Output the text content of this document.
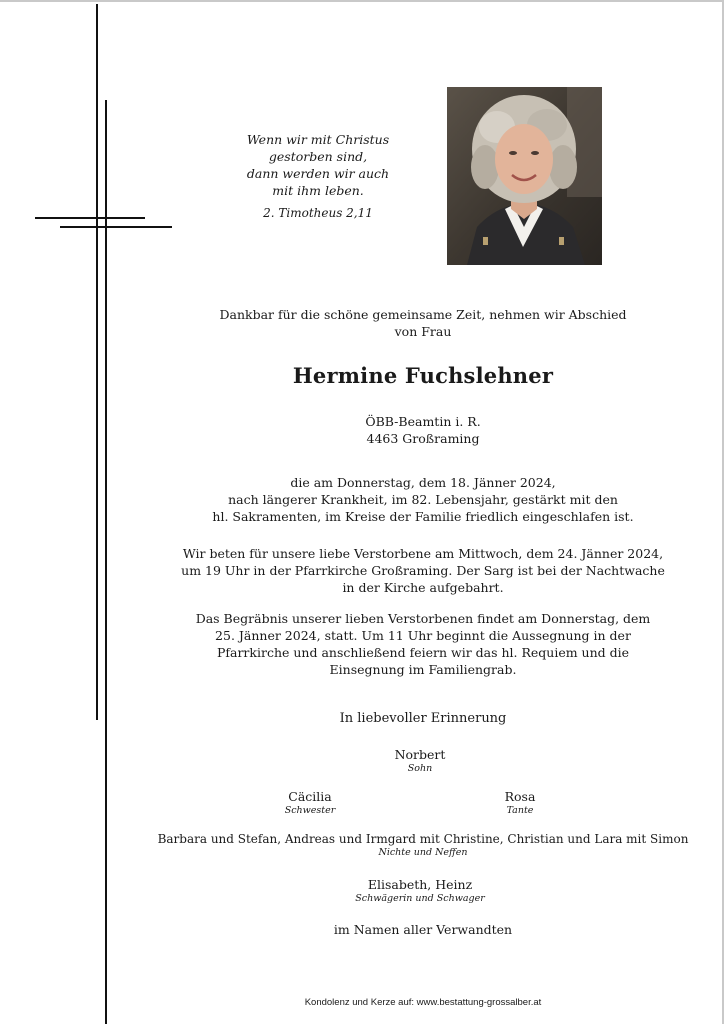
Wenn wir mit Christus
gestorben sind,
dann werden wir auch
mit ihm leben.
2. Timotheus 2,11
Dankbar für die schöne gemeinsame Zeit, nehmen wir Abschied
von Frau
Hermine Fuchslehner
ÖBB-Beamtin i. R.
4463 Großraming
die am Donnerstag, dem 18. Jänner 2024,
nach längerer Krankheit, im 82. Lebensjahr, gestärkt mit den
hl. Sakramenten, im Kreise der Familie friedlich eingeschlafen ist.
Wir beten für unsere liebe Verstorbene am Mittwoch, dem 24. Jänner 2024,
um 19 Uhr in der Pfarrkirche Großraming. Der Sarg ist bei der Nachtwache
in der Kirche aufgebahrt.
Das Begräbnis unserer lieben Verstorbenen findet am Donnerstag, dem
25. Jänner 2024, statt. Um 11 Uhr beginnt die Aussegnung in der
Pfarrkirche und anschließend feiern wir das hl. Requiem und die
Einsegnung im Familiengrab.
In liebevoller Erinnerung
Norbert
Sohn
Cäcilia
Schwester
Rosa
Tante
Barbara und Stefan, Andreas und Irmgard mit Christine, Christian und Lara mit Simon
Nichte und Neffen
Elisabeth, Heinz
Schwägerin und Schwager
im Namen aller Verwandten
Kondolenz und Kerze auf: www.bestattung-grossalber.at
